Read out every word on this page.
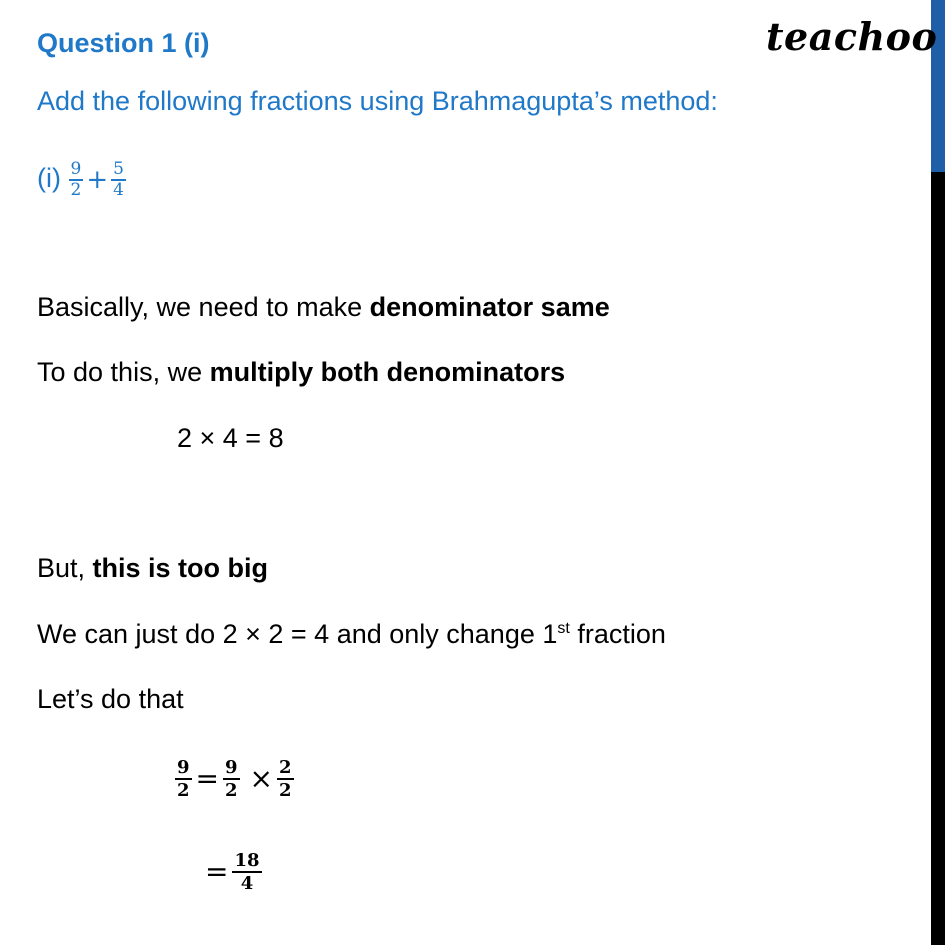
teachoo
Question 1 (i)
Add the following fractions using Brahmagupta’s method:
$(i) \frac{9}{2} + \frac{5}{4}$
Basically, we need to make denominator same
To do this, we multiply both denominators
2 × 4 = 8
But, this is too big
We can just do 2 × 2 = 4 and only change 1st fraction
Let’s do that
$\frac{9}{2} = \frac{9}{2} \times \frac{2}{2}$
= $\frac{18}{4}$
